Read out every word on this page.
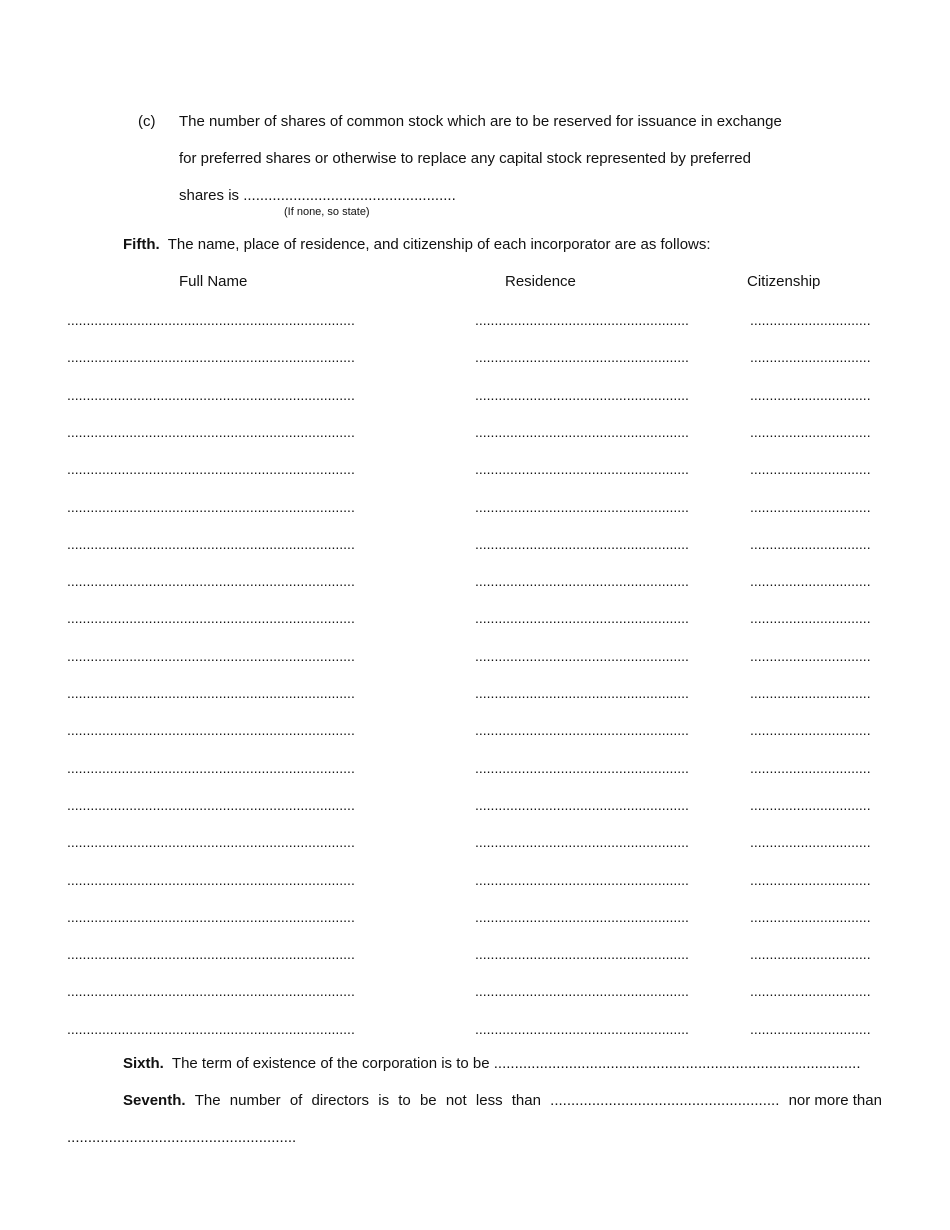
(c) The number of shares of common stock which are to be reserved for issuance in exchange
for preferred shares or otherwise to replace any capital stock represented by preferred
shares is ...................................................
(If none, so state)
Fifth. The name, place of residence, and citizenship of each incorporator are as follows:
Full Name	Residence	Citizenship
..........................................................................	.......................................................	...............................
..........................................................................	.......................................................	...............................
..........................................................................	.......................................................	...............................
..........................................................................	.......................................................	...............................
..........................................................................	.......................................................	...............................
..........................................................................	.......................................................	...............................
..........................................................................	.......................................................	...............................
..........................................................................	.......................................................	...............................
..........................................................................	.......................................................	...............................
..........................................................................	.......................................................	...............................
..........................................................................	.......................................................	...............................
..........................................................................	.......................................................	...............................
..........................................................................	.......................................................	...............................
..........................................................................	.......................................................	...............................
..........................................................................	.......................................................	...............................
..........................................................................	.......................................................	...............................
..........................................................................	.......................................................	...............................
..........................................................................	.......................................................	...............................
..........................................................................	.......................................................	...............................
..........................................................................	.......................................................	...............................
Sixth. The term of existence of the corporation is to be ........................................................................................
Seventh. The number of directors is to be not less than ....................................................... nor more than
.......................................................
